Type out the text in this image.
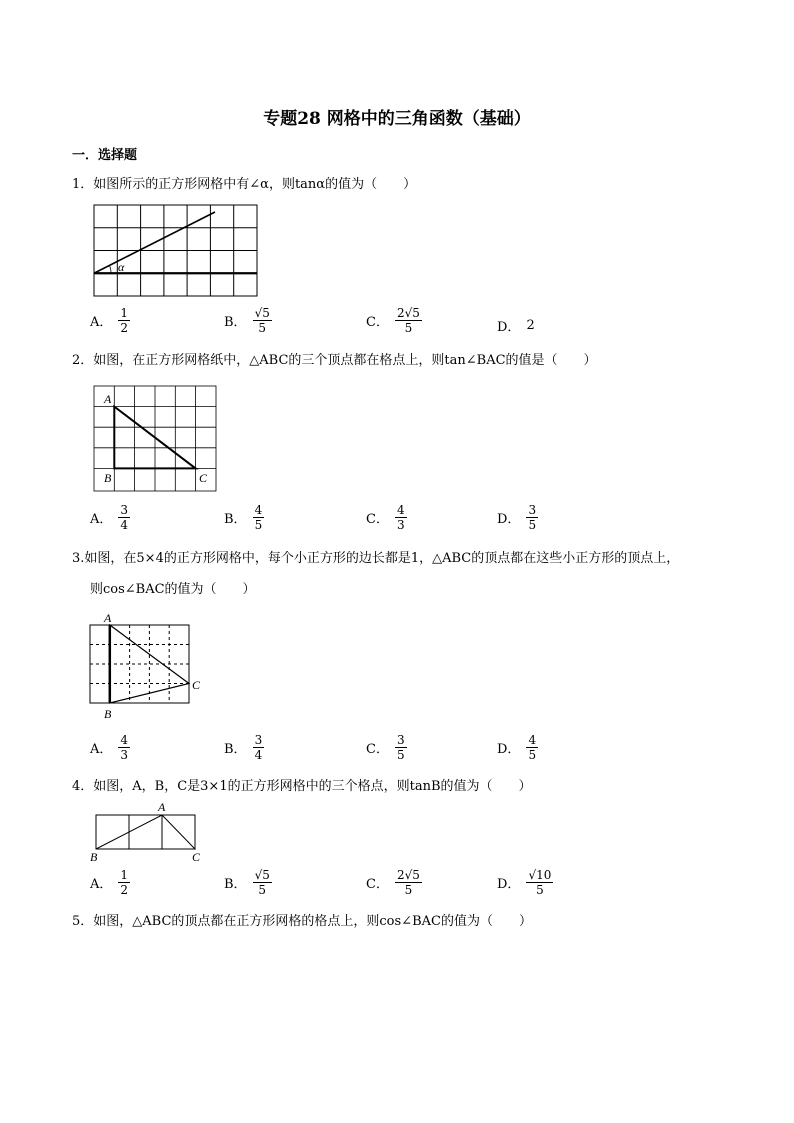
专题28 网格中的三角函数（基础）
一．选择题
1．如图所示的正方形网格中有∠α，则tanα的值为（　　）
α
A． $\frac{1}{2}$	B． $\frac{√5}{5}$	C． $\frac{2√5}{5}$	D． 2
2．如图，在正方形网格纸中，△ABC的三个顶点都在格点上，则tan∠BAC的值是（　　）
A
B	C
A． $\frac{3}{4}$	B． $\frac{4}{5}$	C． $\frac{4}{3}$	D． $\frac{3}{5}$
3.如图，在5×4的正方形网格中，每个小正方形的边长都是1，△ABC的顶点都在这些小正方形的顶点上，
则cos∠BAC的值为（　　）
A
B
C
A． $\frac{4}{3}$	B． $\frac{3}{4}$	C． $\frac{3}{5}$	D． $\frac{4}{5}$
4．如图，A，B，C是3×1的正方形网格中的三个格点，则tanB的值为（　　）
A
B	C
A． $\frac{1}{2}$	B． $\frac{√5}{5}$	C． $\frac{2√5}{5}$	D． $\frac{√10}{5}$
5．如图，△ABC的顶点都在正方形网格的格点上，则cos∠BAC的值为（　　）
